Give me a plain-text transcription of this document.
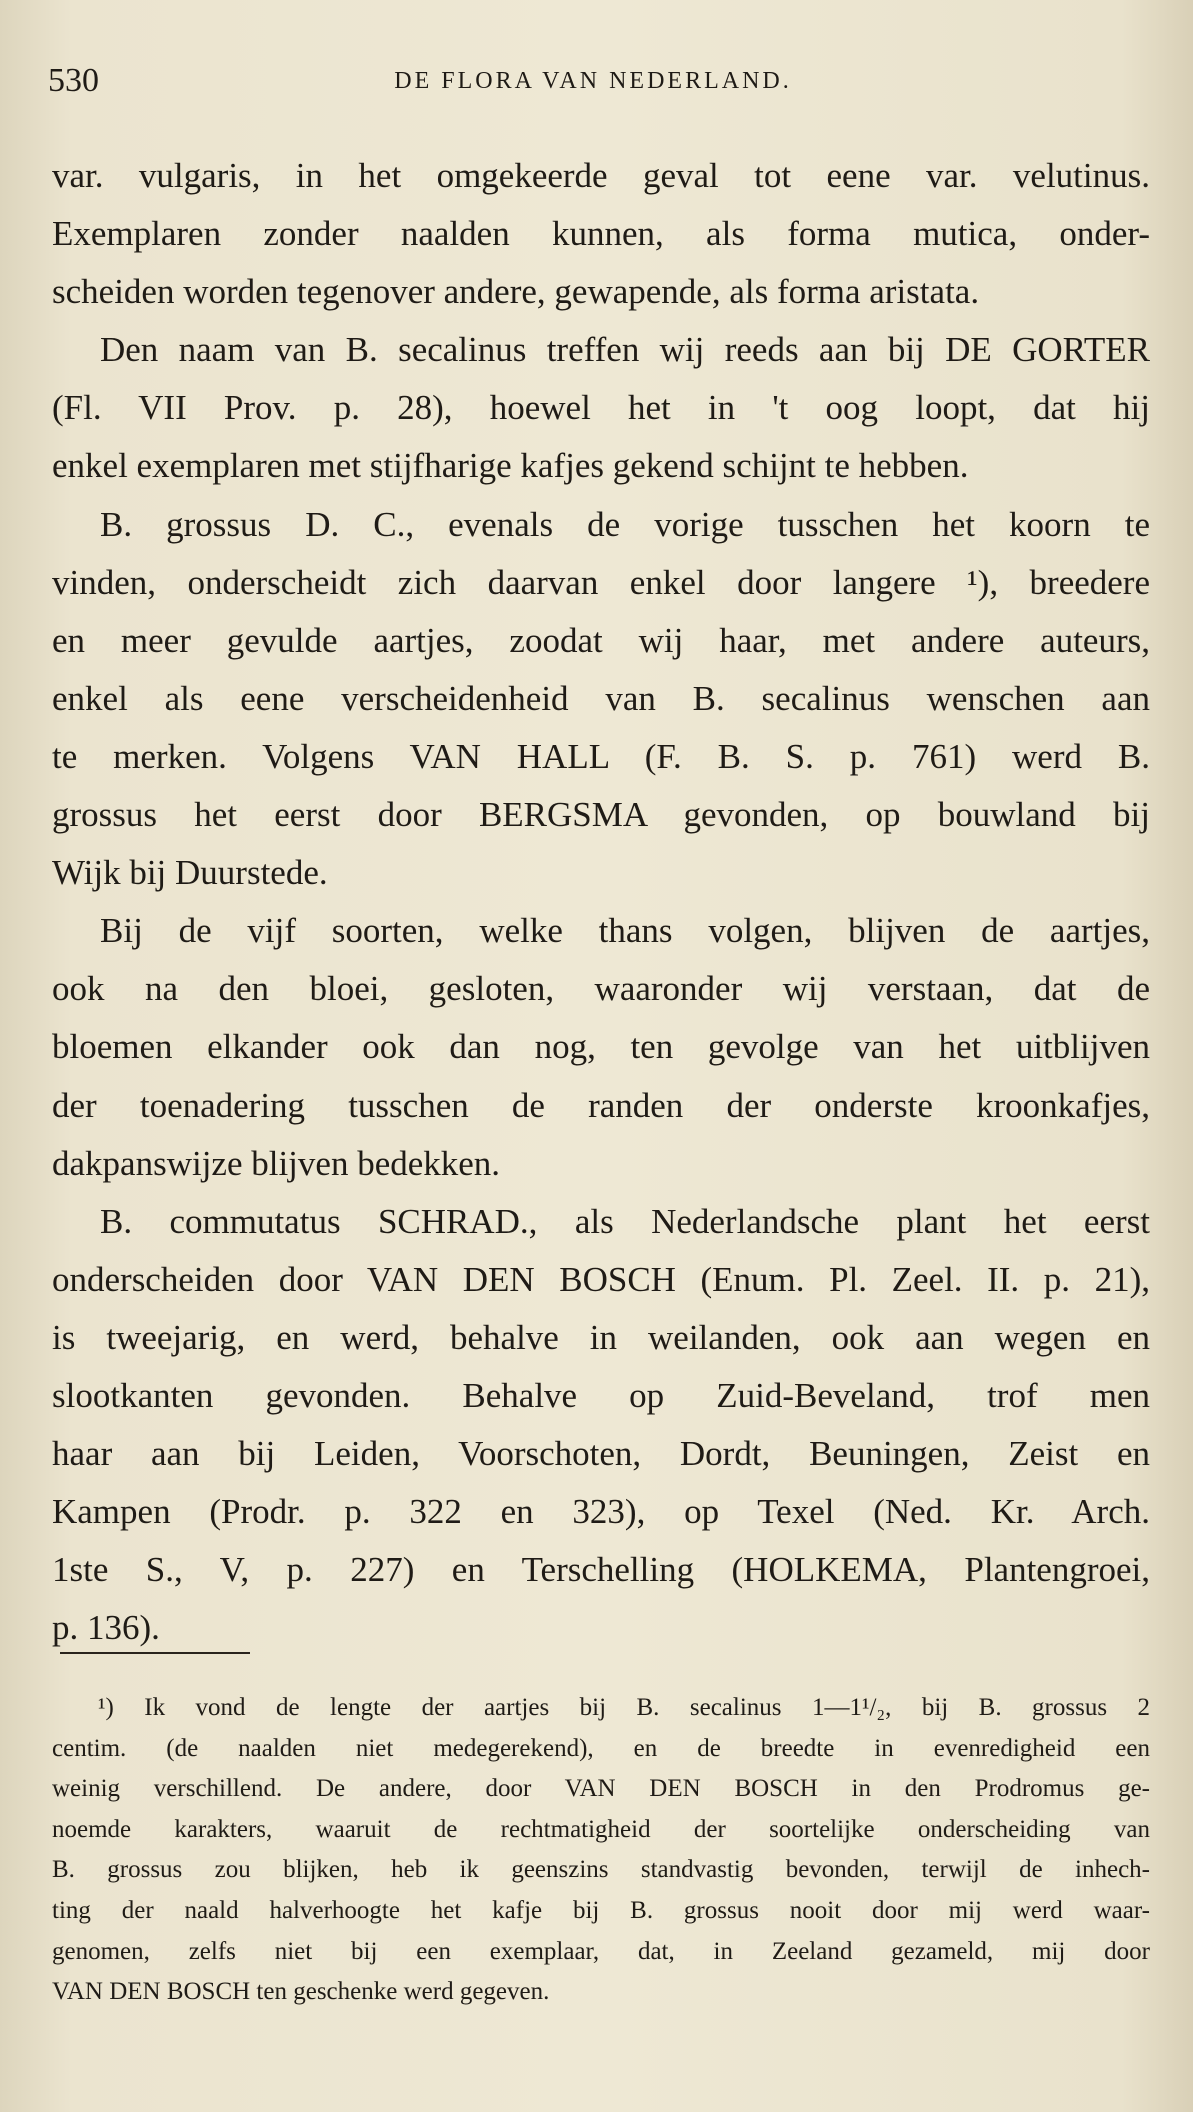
530	DE FLORA VAN NEDERLAND.
var. vulgaris, in het omgekeerde geval tot eene var. velutinus.
Exemplaren zonder naalden kunnen, als forma mutica, onder-
scheiden worden tegenover andere, gewapende, als forma aristata.
Den naam van B. secalinus treffen wij reeds aan bij DE GORTER
(Fl. VII Prov. p. 28), hoewel het in 't oog loopt, dat hij
enkel exemplaren met stijfharige kafjes gekend schijnt te hebben.
B. grossus D. C., evenals de vorige tusschen het koorn te
vinden, onderscheidt zich daarvan enkel door langere ¹), breedere
en meer gevulde aartjes, zoodat wij haar, met andere auteurs,
enkel als eene verscheidenheid van B. secalinus wenschen aan
te merken. Volgens VAN HALL (F. B. S. p. 761) werd B.
grossus het eerst door BERGSMA gevonden, op bouwland bij
Wijk bij Duurstede.
Bij de vijf soorten, welke thans volgen, blijven de aartjes,
ook na den bloei, gesloten, waaronder wij verstaan, dat de
bloemen elkander ook dan nog, ten gevolge van het uitblijven
der toenadering tusschen de randen der onderste kroonkafjes,
dakpanswijze blijven bedekken.
B. commutatus SCHRAD., als Nederlandsche plant het eerst
onderscheiden door VAN DEN BOSCH (Enum. Pl. Zeel. II. p. 21),
is tweejarig, en werd, behalve in weilanden, ook aan wegen en
slootkanten gevonden. Behalve op Zuid-Beveland, trof men
haar aan bij Leiden, Voorschoten, Dordt, Beuningen, Zeist en
Kampen (Prodr. p. 322 en 323), op Texel (Ned. Kr. Arch.
1ste S., V, p. 227) en Terschelling (HOLKEMA, Plantengroei,
p. 136).
¹) Ik vond de lengte der aartjes bij B. secalinus 1—1¹/₂, bij B. grossus 2
centim. (de naalden niet medegerekend), en de breedte in evenredigheid een
weinig verschillend. De andere, door VAN DEN BOSCH in den Prodromus ge-
noemde karakters, waaruit de rechtmatigheid der soortelijke onderscheiding van
B. grossus zou blijken, heb ik geenszins standvastig bevonden, terwijl de inhech-
ting der naald halverhoogte het kafje bij B. grossus nooit door mij werd waar-
genomen, zelfs niet bij een exemplaar, dat, in Zeeland gezameld, mij door
VAN DEN BOSCH ten geschenke werd gegeven.
